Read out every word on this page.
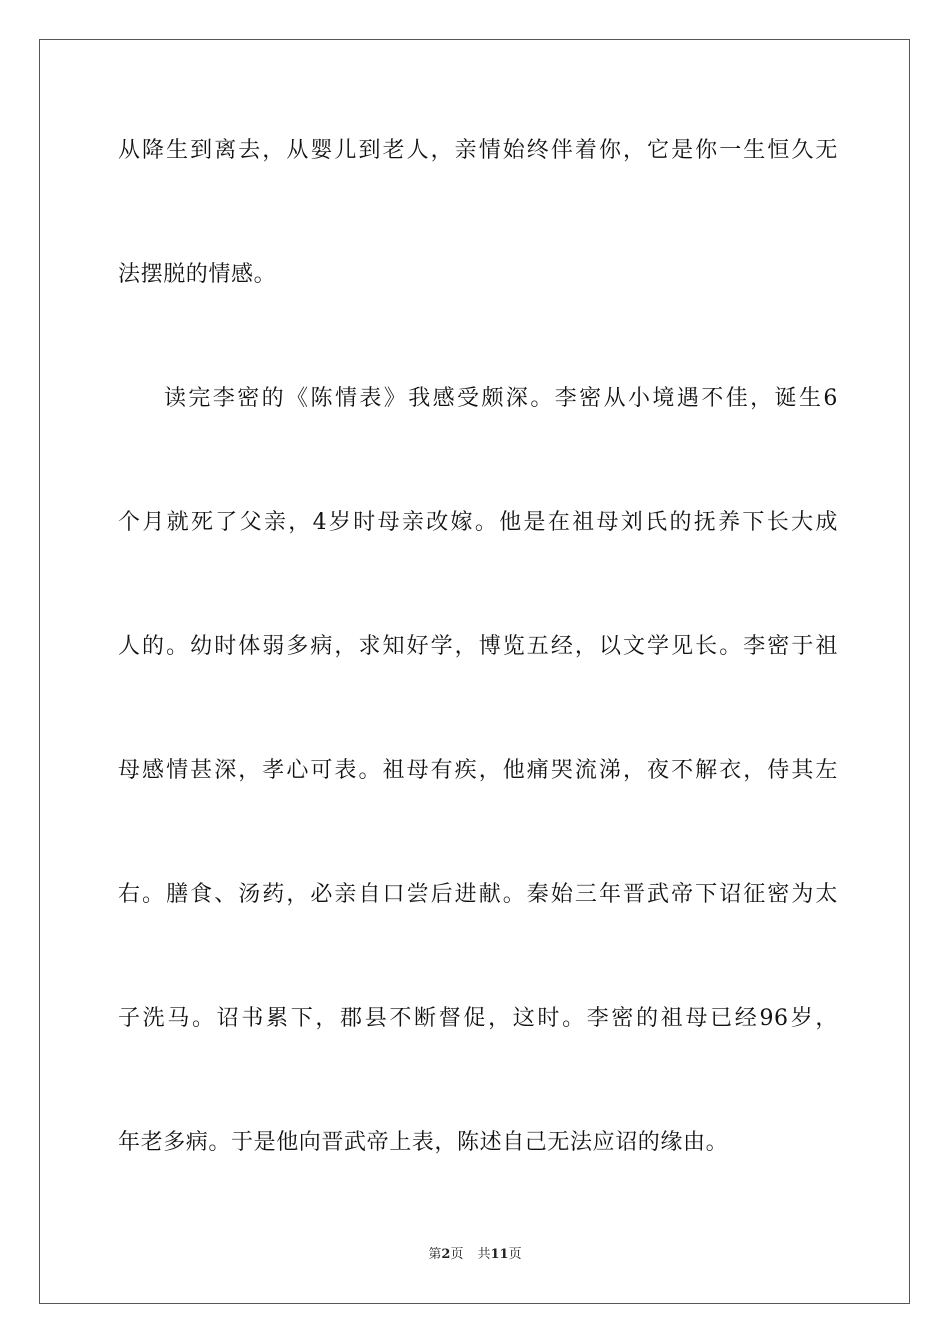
从降生到离去，从婴儿到老人，亲情始终伴着你，它是你一生恒久无
法摆脱的情感。
读完李密的《陈情表》我感受颇深。李密从小境遇不佳，诞生6
个月就死了父亲，4岁时母亲改嫁。他是在祖母刘氏的抚养下长大成
人的。幼时体弱多病，求知好学，博览五经，以文学见长。李密于祖
母感情甚深，孝心可表。祖母有疾，他痛哭流涕，夜不解衣，侍其左
右。膳食、汤药，必亲自口尝后进献。秦始三年晋武帝下诏征密为太
子洗马。诏书累下，郡县不断督促，这时。李密的祖母已经96岁，
年老多病。于是他向晋武帝上表，陈述自己无法应诏的缘由。
第2页 共11页
